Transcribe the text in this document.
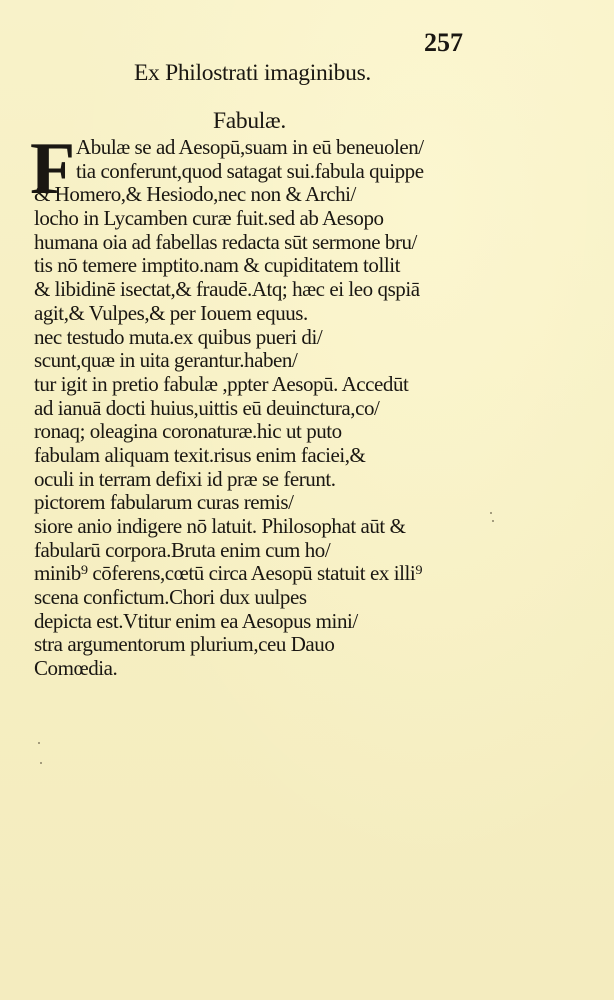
257
Ex Philostrati imaginibus.
Fabulæ.
F Abulæ se ad Aesopū,suam in eū beneuolen/
tia conferunt,quod satagat sui.fabula quippe
& Homero,& Hesiodo,nec non & Archi/
locho in Lycamben curæ fuit.sed ab Aesopo
humana oia ad fabellas redacta sūt sermone bru/
tis nō temere imptito.nam & cupiditatem tollit
& libidinē isectat,& fraudē.Atq; hæc ei leo qspiā
agit,& Vulpes,& per Iouem equus.
nec testudo muta.ex quibus pueri di/
scunt,quæ in uita gerantur.haben/
tur igit in pretio fabulæ ,ppter Aesopū. Accedūt
ad ianuā docti huius,uittis eū deuinctura,co/
ronaq; oleagina coronaturæ.hic ut puto
fabulam aliquam texit.risus enim faciei,&
oculi in terram defixi id præ se ferunt.
pictorem fabularum curas remis/
siore anio indigere nō latuit. Philosophat aūt &
fabularū corpora.Bruta enim cum ho/
minib⁹ cōferens,cœtū circa Aesopū statuit ex illi⁹
scena confictum.Chori dux uulpes
depicta est.Vtitur enim ea Aesopus mini/
stra argumentorum plurium,ceu Dauo
Comœdia.
